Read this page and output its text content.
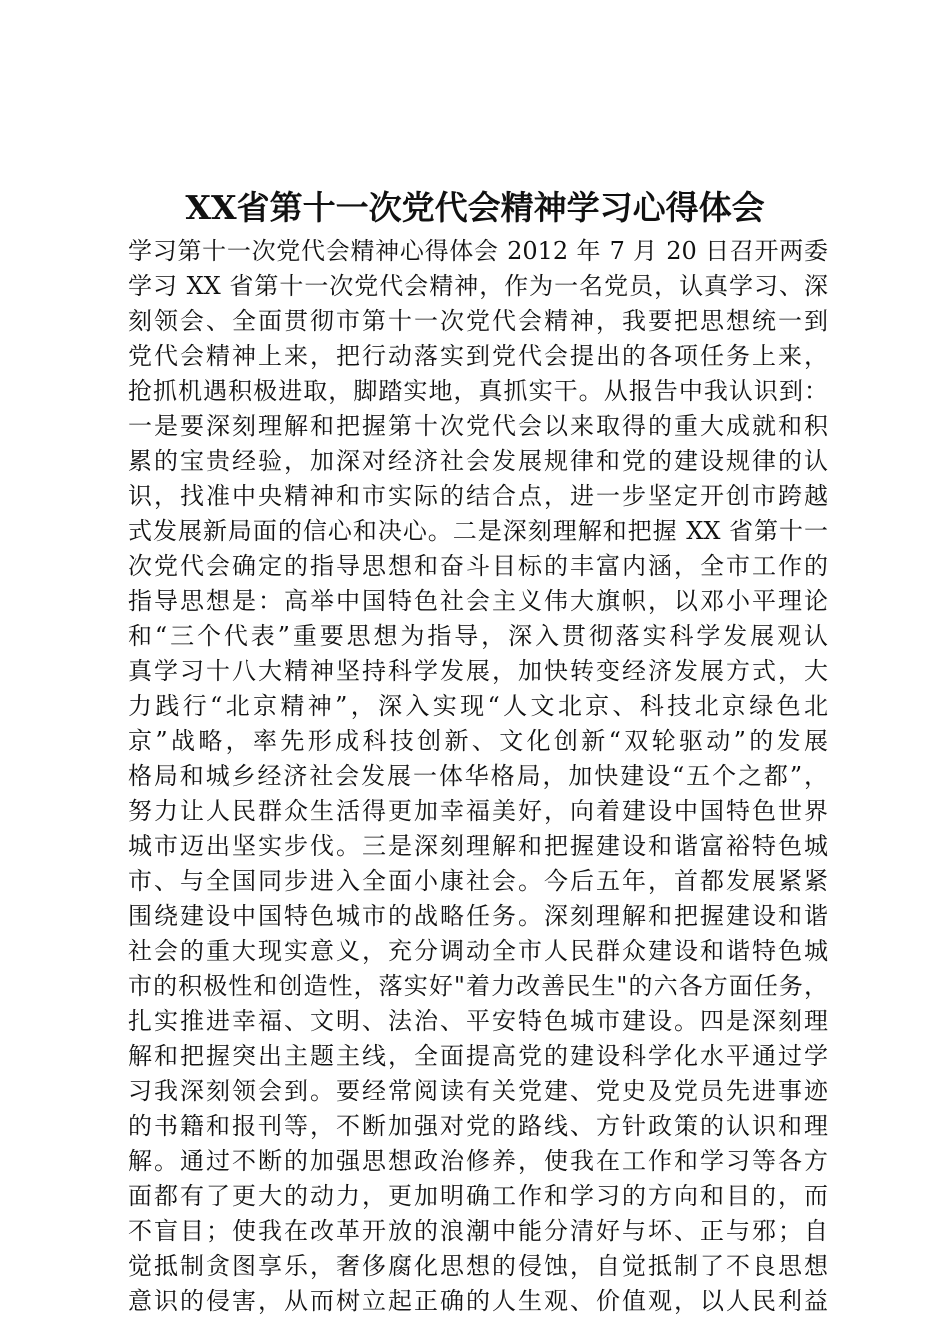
XX省第十一次党代会精神学习心得体会
学习第十一次党代会精神心得体会 2012 年 7 月 20 日召开两委
学习 XX 省第十一次党代会精神，作为一名党员，认真学习、深
刻领会、全面贯彻市第十一次党代会精神，我要把思想统一到
党代会精神上来，把行动落实到党代会提出的各项任务上来，
抢抓机遇积极进取，脚踏实地，真抓实干。从报告中我认识到：
一是要深刻理解和把握第十次党代会以来取得的重大成就和积
累的宝贵经验，加深对经济社会发展规律和党的建设规律的认
识，找准中央精神和市实际的结合点，进一步坚定开创市跨越
式发展新局面的信心和决心。二是深刻理解和把握 XX 省第十一
次党代会确定的指导思想和奋斗目标的丰富内涵，全市工作的
指导思想是：高举中国特色社会主义伟大旗帜，以邓小平理论
和“三个代表”重要思想为指导，深入贯彻落实科学发展观认
真学习十八大精神坚持科学发展，加快转变经济发展方式，大
力践行“北京精神”，深入实现“人文北京、科技北京绿色北
京”战略，率先形成科技创新、文化创新“双轮驱动”的发展
格局和城乡经济社会发展一体华格局，加快建设“五个之都”，
努力让人民群众生活得更加幸福美好，向着建设中国特色世界
城市迈出坚实步伐。三是深刻理解和把握建设和谐富裕特色城
市、与全国同步进入全面小康社会。今后五年，首都发展紧紧
围绕建设中国特色城市的战略任务。深刻理解和把握建设和谐
社会的重大现实意义，充分调动全市人民群众建设和谐特色城
市的积极性和创造性，落实好"着力改善民生"的六各方面任务，
扎实推进幸福、文明、法治、平安特色城市建设。四是深刻理
解和把握突出主题主线，全面提高党的建设科学化水平通过学
习我深刻领会到。要经常阅读有关党建、党史及党员先进事迹
的书籍和报刊等，不断加强对党的路线、方针政策的认识和理
解。通过不断的加强思想政治修养，使我在工作和学习等各方
面都有了更大的动力，更加明确工作和学习的方向和目的，而
不盲目；使我在改革开放的浪潮中能分清好与坏、正与邪；自
觉抵制贪图享乐，奢侈腐化思想的侵蚀，自觉抵制了不良思想
意识的侵害，从而树立起正确的人生观、价值观，以人民利益
